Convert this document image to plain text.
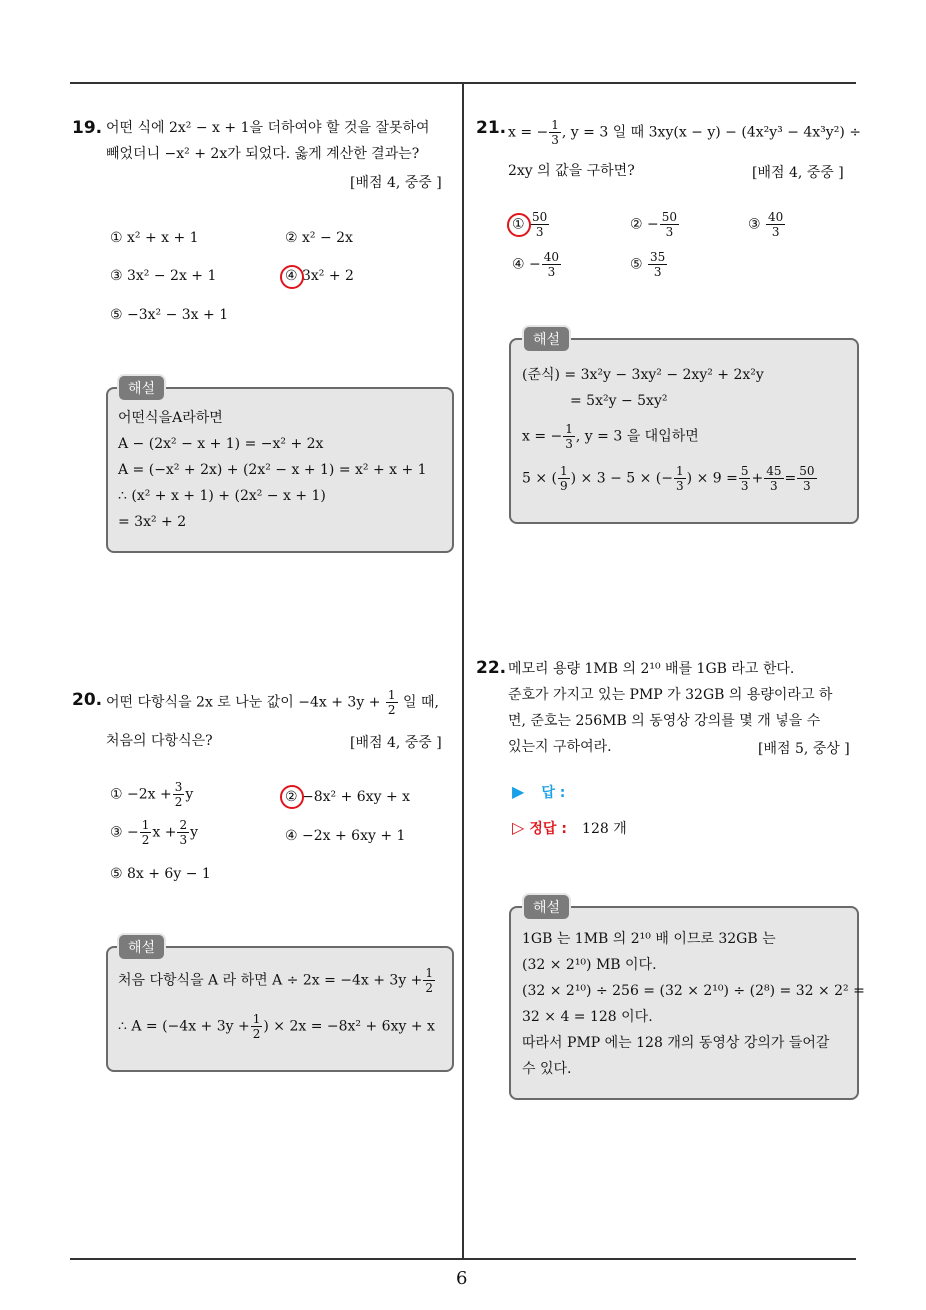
6
19. 어떤 식에 2x² − x + 1을 더하여야 할 것을 잘못하여
빼었더니 −x² + 2x가 되었다. 옳게 계산한 결과는?
[배점 4, 중중 ]
① x² + x + 1	② x² − 2x
③ 3x² − 2x + 1	④ 3x² + 2
⑤ −3x² − 3x + 1
해설
어떤식을A라하면
A − (2x² − x + 1) = −x² + 2x
A = (−x² + 2x) + (2x² − x + 1) = x² + x + 1
∴ (x² + x + 1) + (2x² − x + 1)
= 3x² + 2
20. 어떤 다항식을 2x 로 나눈 값이 $-4x + 3y + \frac{1}{2}$ 일 때,
처음의 다항식은?	[배점 4, 중중 ]
① $-2x + \frac{3}{2}$ y	② −8x² + 6xy + x
③ − $\frac{1}{2}$ $x + \frac{2}{3}$ y	④ −2x + 6xy + 1
⑤ 8x + 6y − 1
해설
처음 다항식을 A 라 하면 $A \div 2x = -4x + 3y + \frac{1}{2}$
∴ $A = (-4x + 3y + \frac{1}{2}$ ) × 2x = −8x² + 6xy + x
21. x = − $\frac{1}{3}$ , y = 3 일 때 3xy(x − y) − (4x²y³ − 4x³y²) ÷
2xy 의 값을 구하면?	[배점 4, 중중 ]
① $\frac{50}{3}$	② − $\frac{50}{3}$	③ $\frac{40}{3}$
④ − $\frac{40}{3}$	⑤ $\frac{35}{3}$
해설
(준식) = 3x²y − 3xy² − 2xy² + 2x²y
= 5x²y − 5xy²
x = − $\frac{1}{3}$ , y = 3 을 대입하면
5 × ( $\frac{1}{9}$ ) × 3 − 5 × (− $\frac{1}{3}$ ) × $9 = \frac{5}{3} + \frac{45}{3} = \frac{50}{3}$
22. 메모리 용량 1MB 의 2¹⁰ 배를 1GB 라고 한다.
준호가 가지고 있는 PMP 가 32GB 의 용량이라고 하
면, 준호는 256MB 의 동영상 강의를 몇 개 넣을 수
있는지 구하여라.	[배점 5, 중상 ]
▶ 답 :
▷ 정답 : 128 개
해설
1GB 는 1MB 의 2¹⁰ 배 이므로 32GB 는
(32 × 2¹⁰) MB 이다.
(32 × 2¹⁰) ÷ 256 = (32 × 2¹⁰) ÷ (2⁸) = 32 × 2² =
32 × 4 = 128 이다.
따라서 PMP 에는 128 개의 동영상 강의가 들어갈
수 있다.
